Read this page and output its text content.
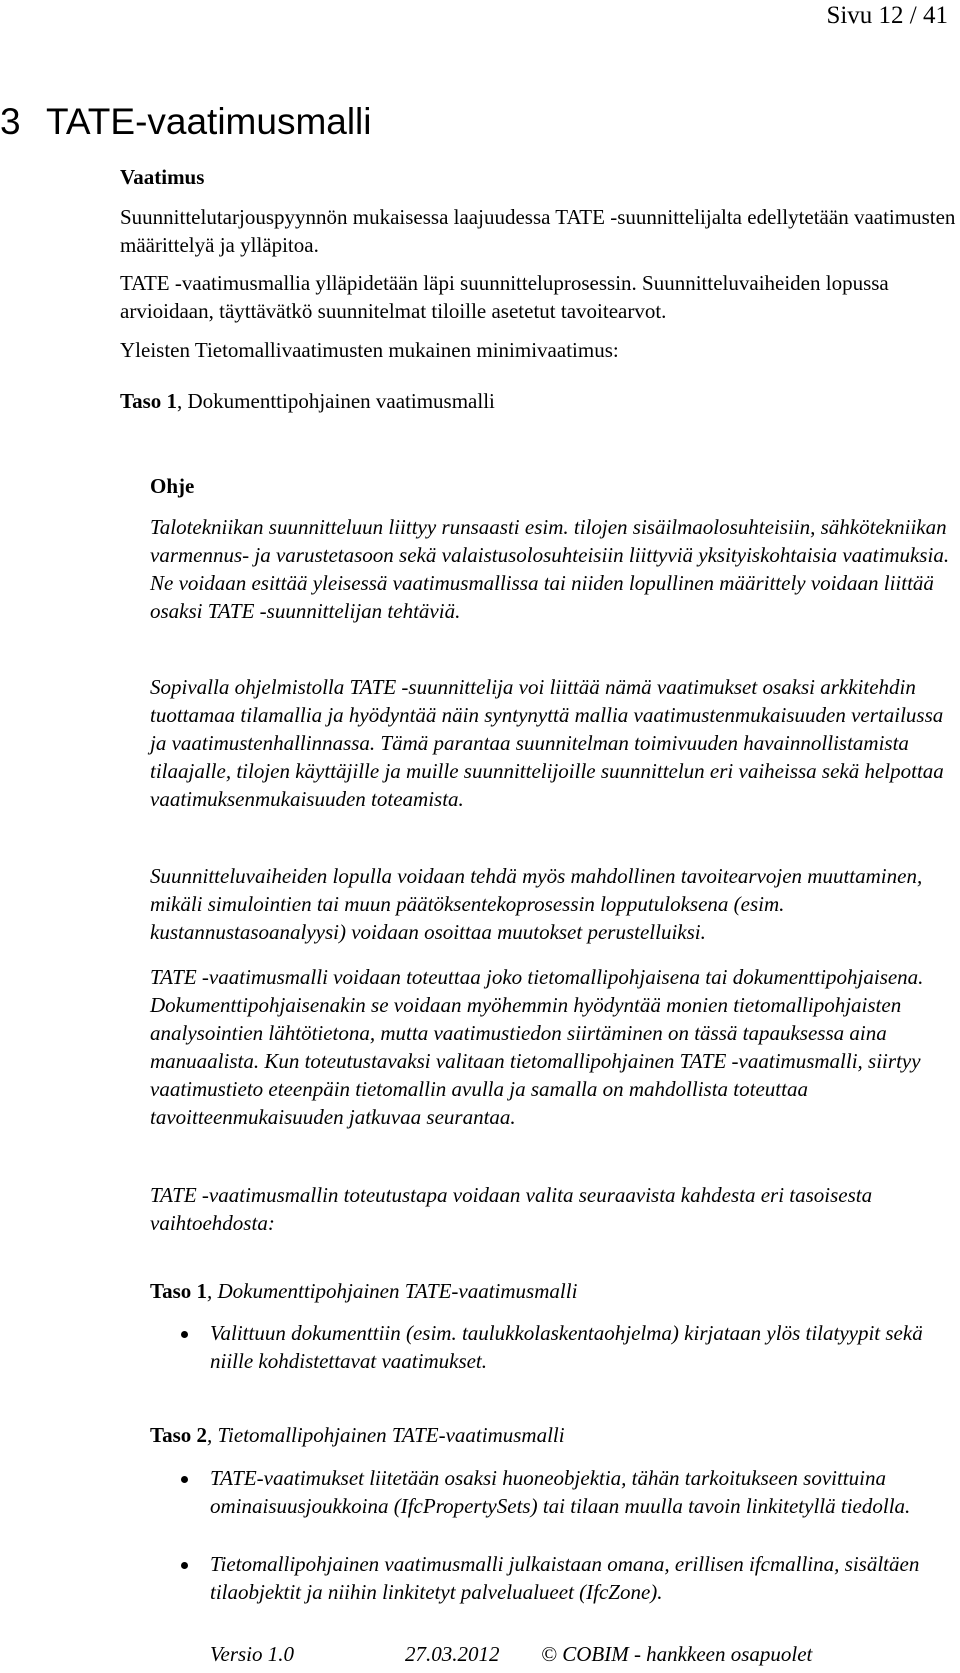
Sivu 12 / 41
3 TATE-vaatimusmalli
Vaatimus
Suunnittelutarjouspyynnön mukaisessa laajuudessa TATE -suunnittelijalta edellytetään vaatimusten määrittelyä ja ylläpitoa.
TATE -vaatimusmallia ylläpidetään läpi suunnitteluprosessin. Suunnitteluvaiheiden lopussa arvioidaan, täyttävätkö suunnitelmat tiloille asetetut tavoitearvot.
Yleisten Tietomallivaatimusten mukainen minimivaatimus:
Taso 1, Dokumenttipohjainen vaatimusmalli
Ohje
Talotekniikan suunnitteluun liittyy runsaasti esim. tilojen sisäilmaolosuhteisiin, sähkötekniikan varmennus- ja varustetasoon sekä valaistusolosuhteisiin liittyviä yksityiskohtaisia vaatimuksia. Ne voidaan esittää yleisessä vaatimusmallissa tai niiden lopullinen määrittely voidaan liittää osaksi TATE -suunnittelijan tehtäviä.
Sopivalla ohjelmistolla TATE -suunnittelija voi liittää nämä vaatimukset osaksi arkkitehdin tuottamaa tilamallia ja hyödyntää näin syntynyttä mallia vaatimustenmukaisuuden vertailussa ja vaatimustenhallinnassa. Tämä parantaa suunnitelman toimivuuden havainnollistamista tilaajalle, tilojen käyttäjille ja muille suunnittelijoille suunnittelun eri vaiheissa sekä helpottaa vaatimuksenmukaisuuden toteamista.
Suunnitteluvaiheiden lopulla voidaan tehdä myös mahdollinen tavoitearvojen muuttaminen, mikäli simulointien tai muun päätöksentekoprosessin lopputuloksena (esim. kustannustasoanalyysi) voidaan osoittaa muutokset perustelluiksi.
TATE -vaatimusmalli voidaan toteuttaa joko tietomallipohjaisena tai dokumenttipohjaisena. Dokumenttipohjaisenakin se voidaan myöhemmin hyödyntää monien tietomallipohjaisten analysointien lähtötietona, mutta vaatimustiedon siirtäminen on tässä tapauksessa aina manuaalista. Kun toteutustavaksi valitaan tietomallipohjainen TATE -vaatimusmalli, siirtyy vaatimustieto eteenpäin tietomallin avulla ja samalla on mahdollista toteuttaa tavoitteenmukaisuuden jatkuvaa seurantaa.
TATE -vaatimusmallin toteutustapa voidaan valita seuraavista kahdesta eri tasoisesta vaihtoehdosta:
Taso 1, Dokumenttipohjainen TATE-vaatimusmalli
Valittuun dokumenttiin (esim. taulukkolaskentaohjelma) kirjataan ylös tilatyypit sekä niille kohdistettavat vaatimukset.
Taso 2, Tietomallipohjainen TATE-vaatimusmalli
TATE-vaatimukset liitetään osaksi huoneobjektia, tähän tarkoitukseen sovittuina ominaisuusjoukkoina (IfcPropertySets) tai tilaan muulla tavoin linkitetyllä tiedolla.
Tietomallipohjainen vaatimusmalli julkaistaan omana, erillisen ifcmallina, sisältäen tilaobjektit ja niihin linkitetyt palvelualueet (IfcZone).
Versio 1.0	27.03.2012 © COBIM - hankkeen osapuolet
